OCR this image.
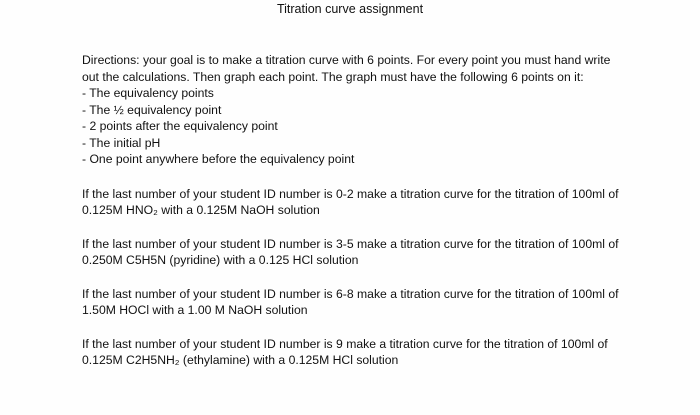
Titration curve assignment

Directions: your goal is to make a titration curve with 6 points. For every point you must hand write out the calculations. Then graph each point. The graph must have the following 6 points on it:

- The equivalency points
- The ½ equivalency point
- 2 points after the equivalency point
- The initial pH
- One point anywhere before the equivalency point

If the last number of your student ID number is 0-2 make a titration curve for the titration of 100ml of 0.125M HNO₂ with a 0.125M NaOH solution

If the last number of your student ID number is 3-5 make a titration curve for the titration of 100ml of 0.250M C5H5N (pyridine) with a 0.125 HCl solution

If the last number of your student ID number is 6-8 make a titration curve for the titration of 100ml of 1.50M HOCl with a 1.00 M NaOH solution

If the last number of your student ID number is 9 make a titration curve for the titration of 100ml of 0.125M C2H5NH₂ (ethylamine) with a 0.125M HCl solution
